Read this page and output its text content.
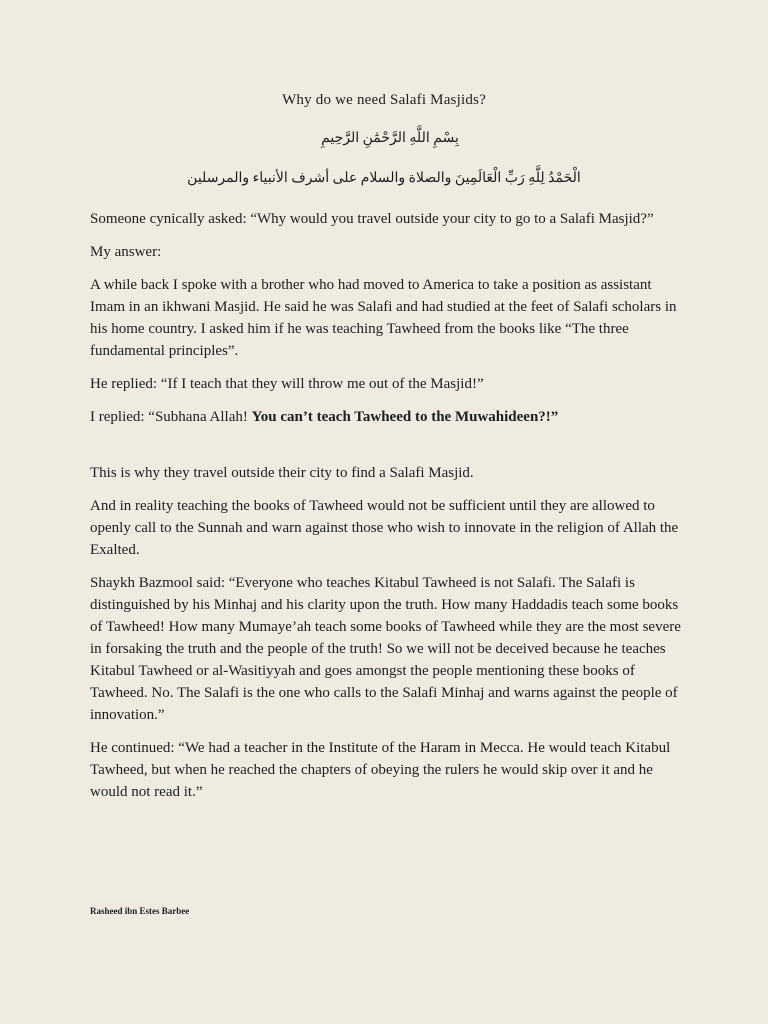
Why do we need Salafi Masjids?
بِسْمِ اللَّهِ الرَّحْمَٰنِ الرَّحِيمِ
الْحَمْدُ لِلَّهِ رَبِّ الْعَالَمِينَ والصلاة والسلام على أشرف الأنبياء والمرسلين

Someone cynically asked: “Why would you travel outside your city to go to a Salafi Masjid?”

My answer:

A while back I spoke with a brother who had moved to America to take a position as assistant Imam in an ikhwani Masjid. He said he was Salafi and had studied at the feet of Salafi scholars in his home country. I asked him if he was teaching Tawheed from the books like “The three fundamental principles”.

He replied: “If I teach that they will throw me out of the Masjid!”

I replied: “Subhana Allah! You can’t teach Tawheed to the Muwahideen?!”

This is why they travel outside their city to find a Salafi Masjid.

And in reality teaching the books of Tawheed would not be sufficient until they are allowed to openly call to the Sunnah and warn against those who wish to innovate in the religion of Allah the Exalted.

Shaykh Bazmool said: “Everyone who teaches Kitabul Tawheed is not Salafi. The Salafi is distinguished by his Minhaj and his clarity upon the truth. How many Haddadis teach some books of Tawheed! How many Mumaye’ah teach some books of Tawheed while they are the most severe in forsaking the truth and the people of the truth! So we will not be deceived because he teaches Kitabul Tawheed or al-Wasitiyyah and goes amongst the people mentioning these books of Tawheed. No. The Salafi is the one who calls to the Salafi Minhaj and warns against the people of innovation.”

He continued: “We had a teacher in the Institute of the Haram in Mecca. He would teach Kitabul Tawheed, but when he reached the chapters of obeying the rulers he would skip over it and he would not read it.”

Rasheed ibn Estes Barbee
